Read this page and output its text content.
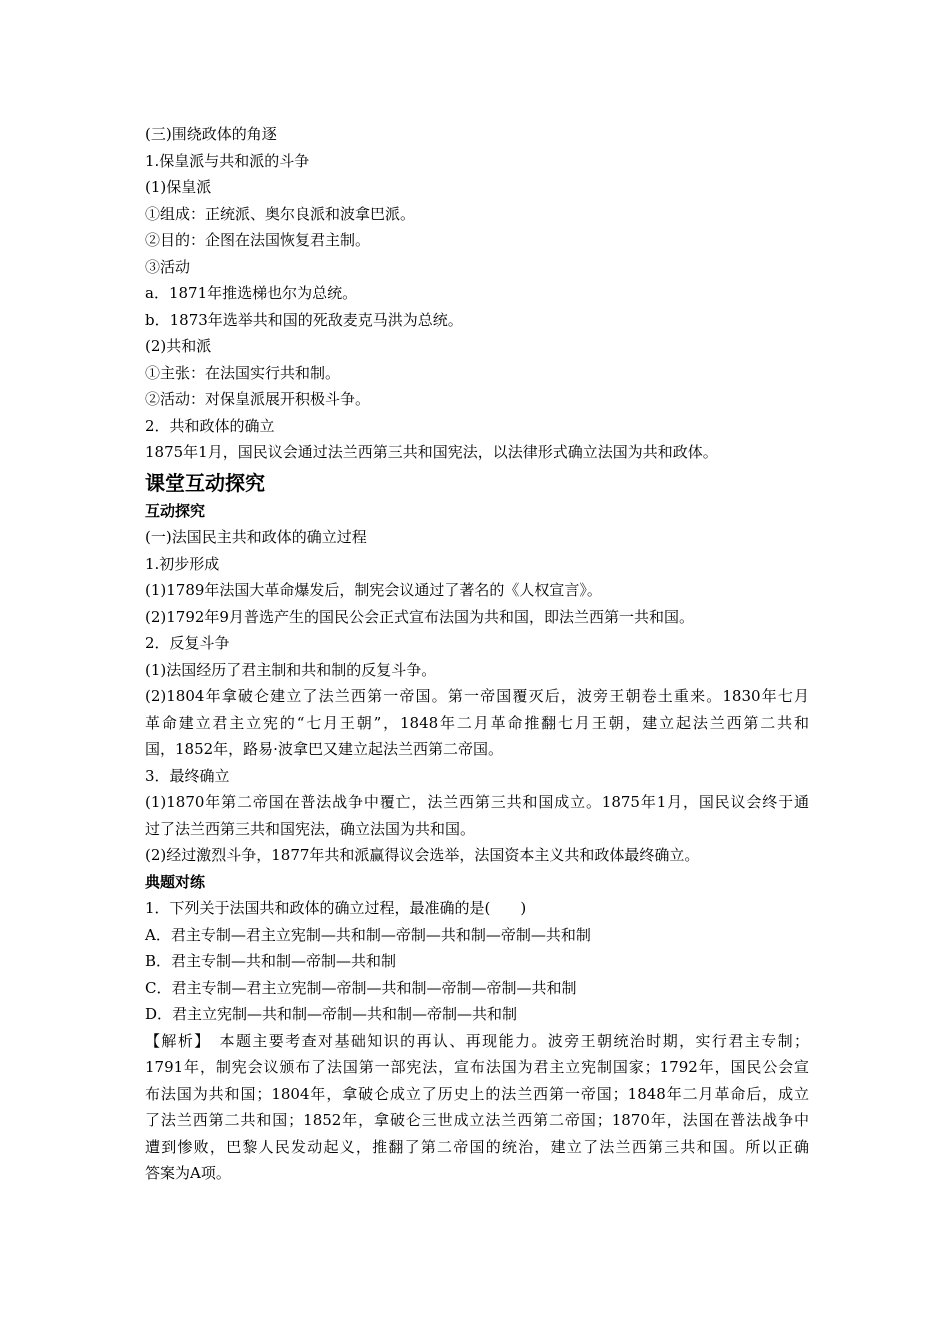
(三)围绕政体的角逐
1.保皇派与共和派的斗争
(1)保皇派
①组成：正统派、奥尔良派和波拿巴派。
②目的：企图在法国恢复君主制。
③活动
a．1871年推选梯也尔为总统。
b．1873年选举共和国的死敌麦克马洪为总统。
(2)共和派
①主张：在法国实行共和制。
②活动：对保皇派展开积极斗争。
2．共和政体的确立
1875年1月，国民议会通过法兰西第三共和国宪法，以法律形式确立法国为共和政体。
课堂互动探究
互动探究
(一)法国民主共和政体的确立过程
1.初步形成
(1)1789年法国大革命爆发后，制宪会议通过了著名的《人权宣言》。
(2)1792年9月普选产生的国民公会正式宣布法国为共和国，即法兰西第一共和国。
2．反复斗争
(1)法国经历了君主制和共和制的反复斗争。
(2)1804年拿破仑建立了法兰西第一帝国。第一帝国覆灭后，波旁王朝卷土重来。1830年七月
革命建立君主立宪的“七月王朝”，1848年二月革命推翻七月王朝，建立起法兰西第二共和
国，1852年，路易·波拿巴又建立起法兰西第二帝国。
3．最终确立
(1)1870年第二帝国在普法战争中覆亡，法兰西第三共和国成立。1875年1月，国民议会终于通
过了法兰西第三共和国宪法，确立法国为共和国。
(2)经过激烈斗争，1877年共和派赢得议会选举，法国资本主义共和政体最终确立。
典题对练
1．下列关于法国共和政体的确立过程，最准确的是(　　)
A．君主专制—君主立宪制—共和制—帝制—共和制—帝制—共和制
B．君主专制—共和制—帝制—共和制
C．君主专制—君主立宪制—帝制—共和制—帝制—帝制—共和制
D．君主立宪制—共和制—帝制—共和制—帝制—共和制
【解析】　本题主要考查对基础知识的再认、再现能力。波旁王朝统治时期，实行君主专制；
1791年，制宪会议颁布了法国第一部宪法，宣布法国为君主立宪制国家；1792年，国民公会宣
布法国为共和国；1804年，拿破仑成立了历史上的法兰西第一帝国；1848年二月革命后，成立
了法兰西第二共和国；1852年，拿破仑三世成立法兰西第二帝国；1870年，法国在普法战争中
遭到惨败，巴黎人民发动起义，推翻了第二帝国的统治，建立了法兰西第三共和国。所以正确
答案为A项。
